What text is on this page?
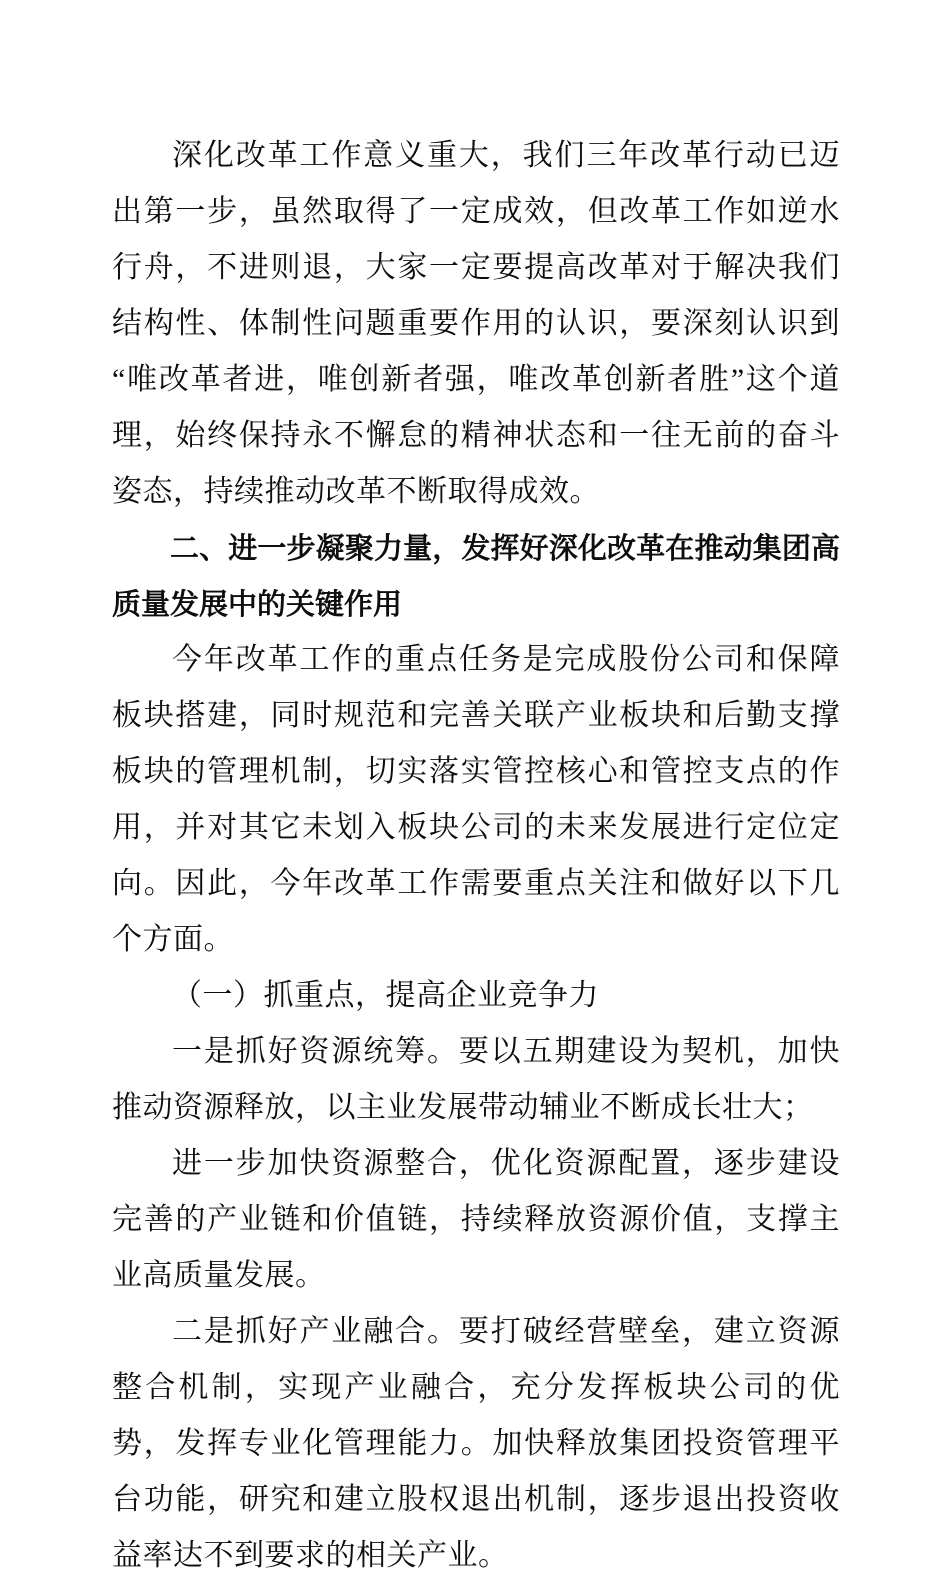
深化改革工作意义重大，我们三年改革行动已迈出第一步，虽然取得了一定成效，但改革工作如逆水行舟，不进则退，大家一定要提高改革对于解决我们结构性、体制性问题重要作用的认识，要深刻认识到“唯改革者进，唯创新者强，唯改革创新者胜”这个道理，始终保持永不懈怠的精神状态和一往无前的奋斗姿态，持续推动改革不断取得成效。

二、进一步凝聚力量，发挥好深化改革在推动集团高质量发展中的关键作用

今年改革工作的重点任务是完成股份公司和保障板块搭建，同时规范和完善关联产业板块和后勤支撑板块的管理机制，切实落实管控核心和管控支点的作用，并对其它未划入板块公司的未来发展进行定位定向。因此，今年改革工作需要重点关注和做好以下几个方面。

（一）抓重点，提高企业竞争力

一是抓好资源统筹。要以五期建设为契机，加快推动资源释放，以主业发展带动辅业不断成长壮大；

进一步加快资源整合，优化资源配置，逐步建设完善的产业链和价值链，持续释放资源价值，支撑主业高质量发展。

二是抓好产业融合。要打破经营壁垒，建立资源整合机制，实现产业融合，充分发挥板块公司的优势，发挥专业化管理能力。加快释放集团投资管理平台功能，研究和建立股权退出机制，逐步退出投资收益率达不到要求的相关产业。
